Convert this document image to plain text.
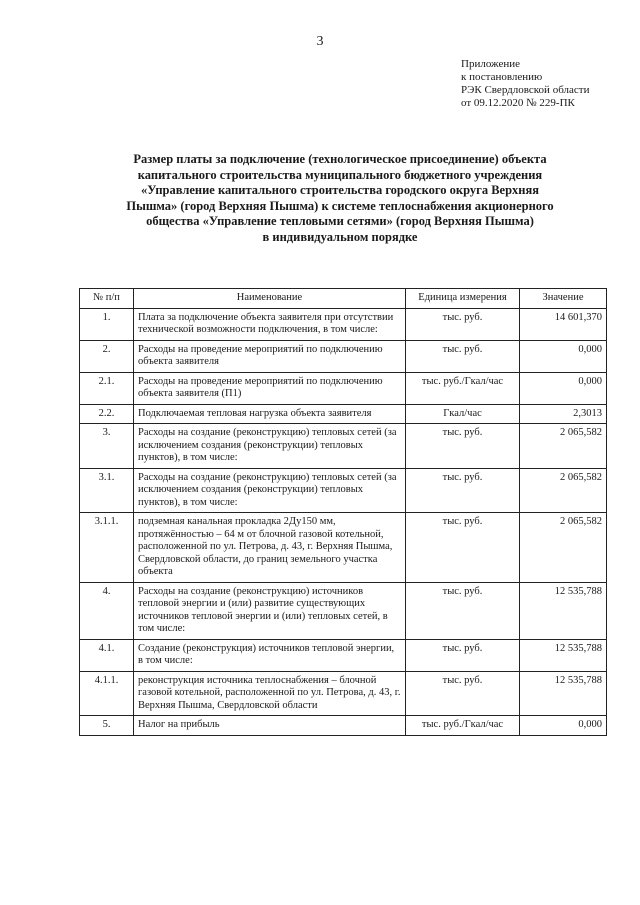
3
Приложение
к постановлению
РЭК Свердловской области
от 09.12.2020 № 229-ПК
Размер платы за подключение (технологическое присоединение) объекта
капитального строительства муниципального бюджетного учреждения
«Управление капитального строительства городского округа Верхняя
Пышма» (город Верхняя Пышма) к системе теплоснабжения акционерного
общества «Управление тепловыми сетями» (город Верхняя Пышма)
в индивидуальном порядке
№ п/п	Наименование	Единица измерения	Значение
1.	Плата за подключение объекта заявителя при отсутствии технической возможности подключения, в том числе:	тыс. руб.	14 601,370
2.	Расходы на проведение мероприятий по подключению объекта заявителя	тыс. руб.	0,000
2.1.	Расходы на проведение мероприятий по подключению объекта заявителя (П1)	тыс. руб./Гкал/час	0,000
2.2.	Подключаемая тепловая нагрузка объекта заявителя	Гкал/час	2,3013
3.	Расходы на создание (реконструкцию) тепловых сетей (за исключением создания (реконструкции) тепловых пунктов), в том числе:	тыс. руб.	2 065,582
3.1.	Расходы на создание (реконструкцию) тепловых сетей (за исключением создания (реконструкции) тепловых пунктов), в том числе:	тыс. руб.	2 065,582
3.1.1.	подземная канальная прокладка 2Ду150 мм, протяжённостью – 64 м от блочной газовой котельной, расположенной по ул. Петрова, д. 43, г. Верхняя Пышма, Свердловской области, до границ земельного участка объекта	тыс. руб.	2 065,582
4.	Расходы на создание (реконструкцию) источников тепловой энергии и (или) развитие существующих источников тепловой энергии и (или) тепловых сетей, в том числе:	тыс. руб.	12 535,788
4.1.	Создание (реконструкция) источников тепловой энергии, в том числе:	тыс. руб.	12 535,788
4.1.1.	реконструкция источника теплоснабжения – блочной газовой котельной, расположенной по ул. Петрова, д. 43, г. Верхняя Пышма, Свердловской области	тыс. руб.	12 535,788
5.	Налог на прибыль	тыс. руб./Гкал/час	0,000
